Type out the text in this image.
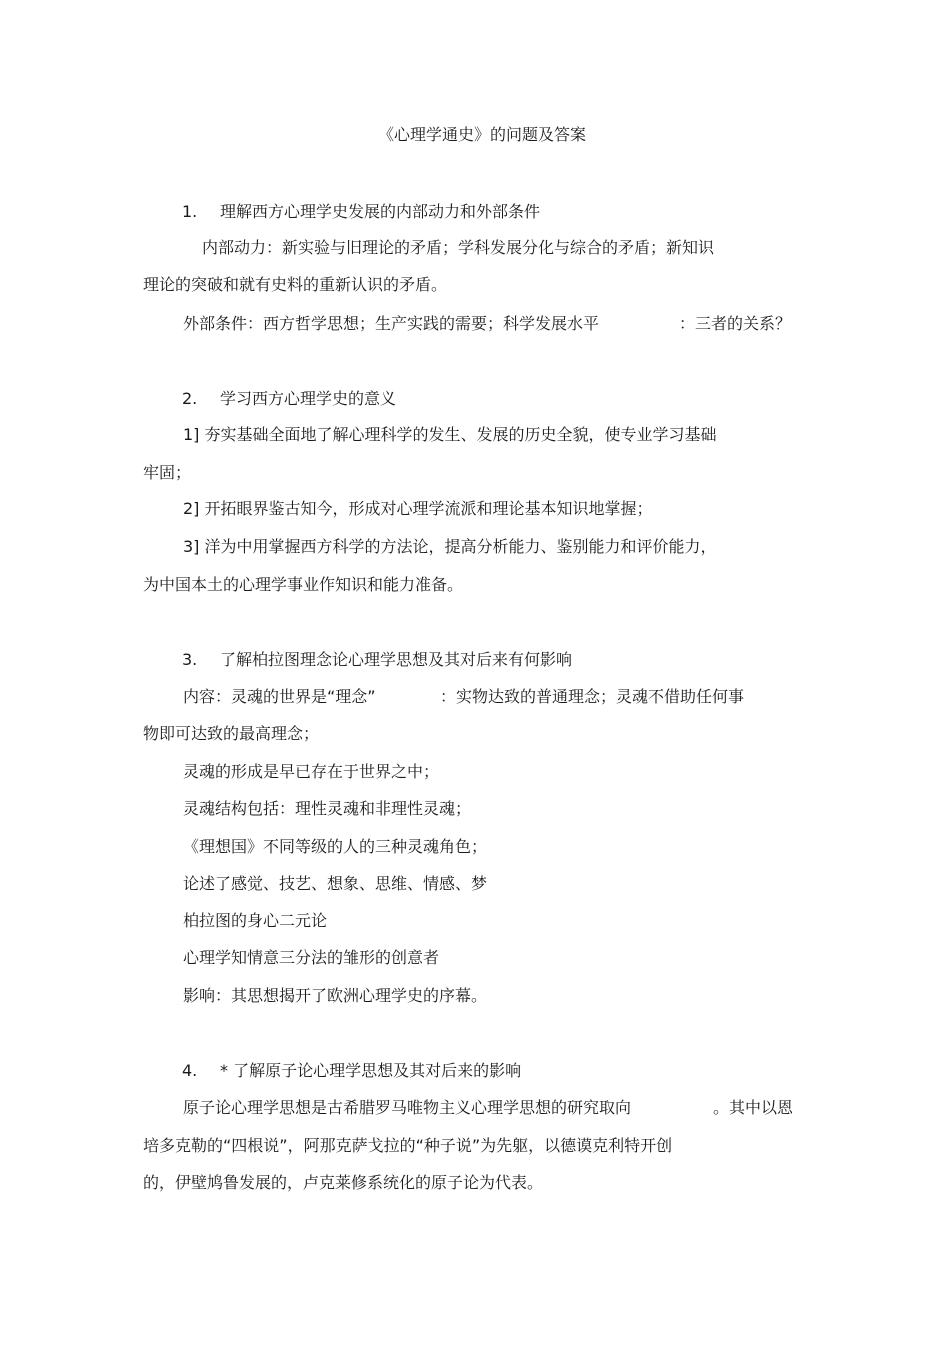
《心理学通史》的问题及答案
1. 理解西方心理学史发展的内部动力和外部条件
内部动力：新实验与旧理论的矛盾；学科发展分化与综合的矛盾；新知识
理论的突破和就有史料的重新认识的矛盾。
外部条件：西方哲学思想；生产实践的需要；科学发展水平	：三者的关系？
2. 学习西方心理学史的意义
1] 夯实基础全面地了解心理科学的发生、发展的历史全貌，使专业学习基础
牢固；
2] 开拓眼界鉴古知今，形成对心理学流派和理论基本知识地掌握；
3] 洋为中用掌握西方科学的方法论，提高分析能力、鉴别能力和评价能力，
为中国本土的心理学事业作知识和能力准备。
3. 了解柏拉图理念论心理学思想及其对后来有何影响
内容：灵魂的世界是“理念”	：实物达致的普通理念；灵魂不借助任何事
物即可达致的最高理念；
灵魂的形成是早已存在于世界之中；
灵魂结构包括：理性灵魂和非理性灵魂；
《理想国》不同等级的人的三种灵魂角色；
论述了感觉、技艺、想象、思维、情感、梦
柏拉图的身心二元论
心理学知情意三分法的雏形的创意者
影响：其思想揭开了欧洲心理学史的序幕。
4. * 了解原子论心理学思想及其对后来的影响
原子论心理学思想是古希腊罗马唯物主义心理学思想的研究取向	。其中以恩
培多克勒的“四根说”，阿那克萨戈拉的“种子说”为先躯，以德谟克利特开创
的，伊壁鸠鲁发展的，卢克莱修系统化的原子论为代表。
